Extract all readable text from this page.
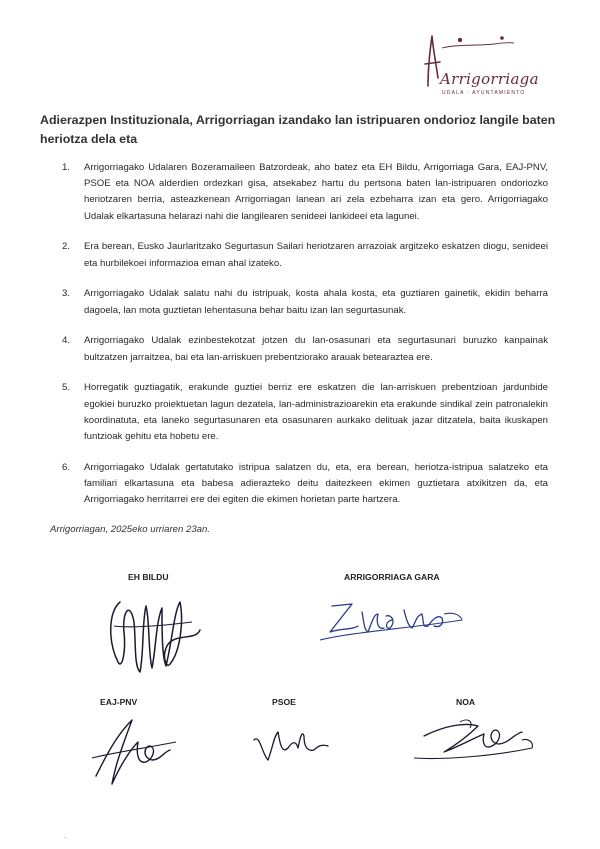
Arrigorriaga
UDALA · AYUNTAMIENTO
Adierazpen Instituzionala, Arrigorriagan izandako lan istripuaren ondorioz langile baten heriotza dela eta
1. Arrigorriagako Udalaren Bozeramaileen Batzordeak, aho batez eta EH Bildu, Arrigorriaga Gara, EAJ-PNV, PSOE eta NOA alderdien ordezkari gisa, atsekabez hartu du pertsona baten lan-istripuaren ondoriozko heriotzaren berria, asteazkenean Arrigorriagan lanean ari zela ezbeharra izan eta gero. Arrigorriagako Udalak elkartasuna helarazi nahi die langilearen senideei lankideei eta lagunei.
2. Era berean, Eusko Jaurlaritzako Segurtasun Sailari heriotzaren arrazoiak argitzeko eskatzen diogu, senideei eta hurbilekoei informazioa eman ahal izateko.
3. Arrigorriagako Udalak salatu nahi du istripuak, kosta ahala kosta, eta guztiaren gainetik, ekidin beharra dagoela, lan mota guztietan lehentasuna behar baitu izan lan segurtasunak.
4. Arrigorriagako Udalak ezinbestekotzat jotzen du lan-osasunari eta segurtasunari buruzko kanpainak bultzatzen jarraitzea, bai eta lan-arriskuen prebentziorako arauak betearaztea ere.
5. Horregatik guztiagatik, erakunde guztiei berriz ere eskatzen die lan-arriskuen prebentzioan jardunbide egokiei buruzko proiektuetan lagun dezatela, lan-administrazioarekin eta erakunde sindikal zein patronalekin koordinatuta, eta laneko segurtasunaren eta osasunaren aurkako delituak jazar ditzatela, baita ikuskapen funtzioak gehitu eta hobetu ere.
6. Arrigorriagako Udalak gertatutako istripua salatzen du, eta, era berean, heriotza-istripua salatzeko eta familiari elkartasuna eta babesa adierazteko deitu daitezkeen ekimen guztietara atxikitzen da, eta Arrigorriagako herritarrei ere dei egiten die ekimen horietan parte hartzera.
Arrigorriagan, 2025eko urriaren 23an.
EH BILDU	ARRIGORRIAGA GARA
EAJ-PNV	PSOE	NOA
.
